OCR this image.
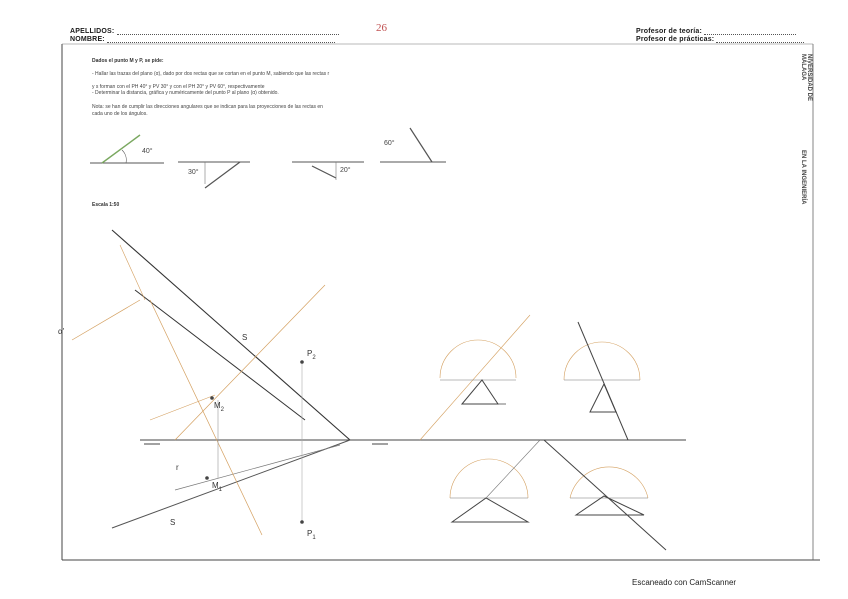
$P_2$
$M_2$
$M_1$
$P_1$
S
S
r
α'
APELLIDOS:
NOMBRE:
26	Profesor de teoría:
Profesor de prácticas:
NIVERSIDAD DE MÁLAGA
EN LA INGENIERÍA
Dados el punto M y P, se pide:
- Hallar las trazas del plano (α), dado por dos rectas que se cortan en el punto M, sabiendo que las rectas r
y s forman con el PH 40° y PV 30° y con el PH 20° y PV 60°, respectivamente
- Determinar la distancia, gráfica y numéricamente del punto P al plano (α) obtenido.
Nota: se han de cumplir las direcciones angulares que se indican para las proyecciones de las rectas en
cada uno de los ángulos.
40°
30°	20°
60°
Escala 1:50
Escaneado con CamScanner
